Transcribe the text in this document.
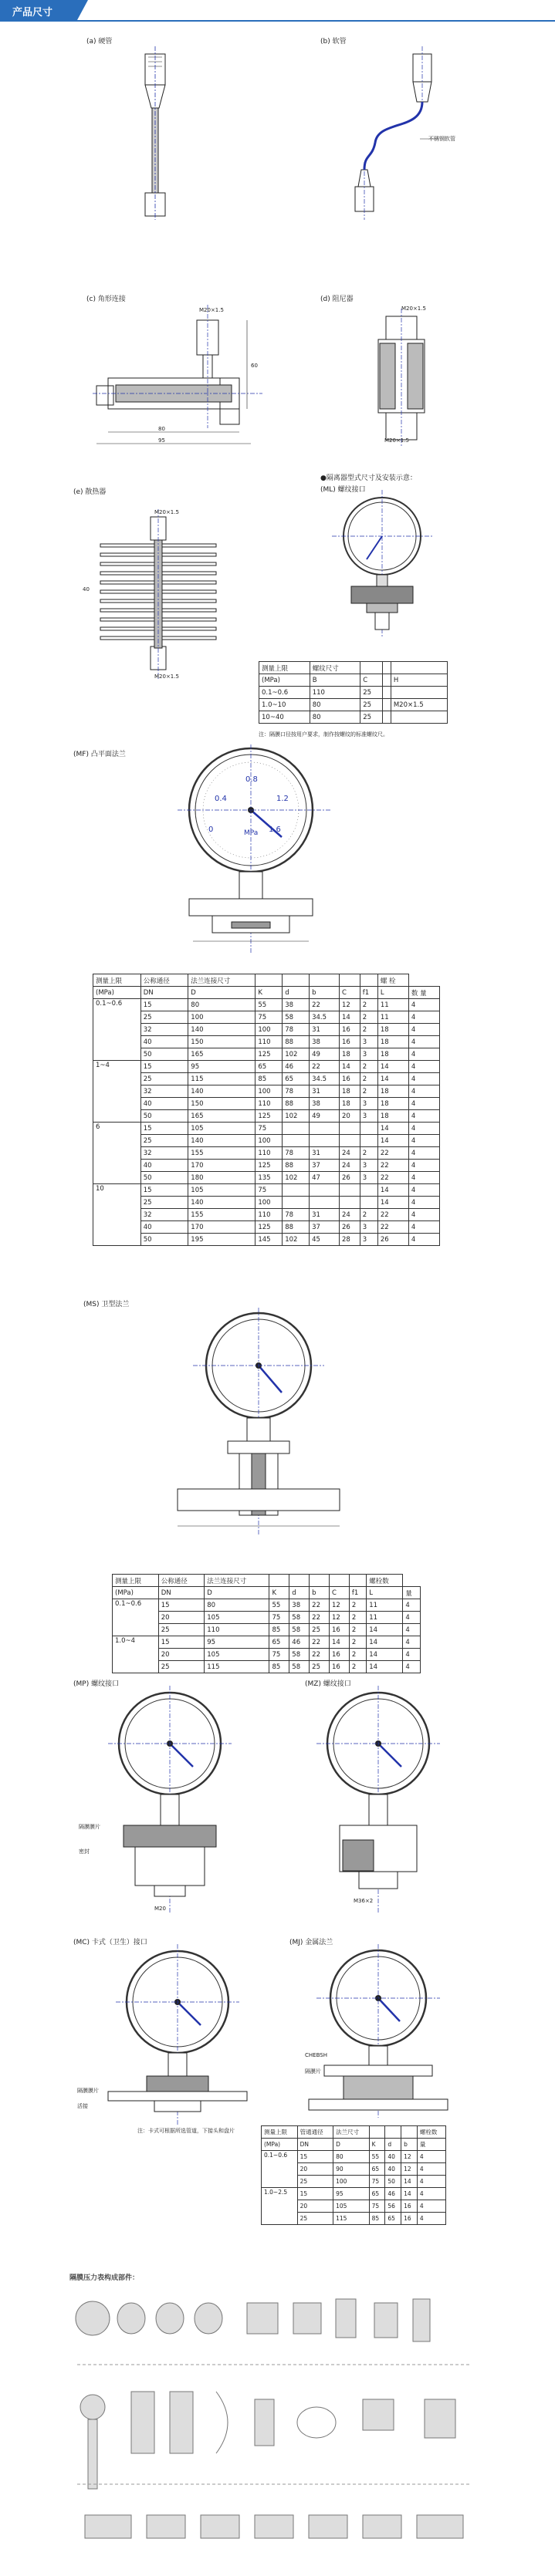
产品尺寸
(a) 硬管	(b) 软管
不锈钢软管
(c) 角形连接
M20×1.5
80
95
60
(d) 阻尼器
M20×1.5
M20×1.5
●隔离器型式尺寸及安装示意：
(e) 散热器
M20×1.5
M20×1.5
40
(ML) 螺纹接口
测量上限	螺纹尺寸			
(MPa)	B	C		H
0.1~0.6	110	25		
1.0~10	80	25		M20×1.5
10~40	80	25		
注：隔膜口径按用户要求，制作按螺纹的标准螺纹尺。
(MF) 凸平面法兰
0.4
0.8
1.2
1.6
0	MPa
测量上限	公称通径	法兰连接尺寸						螺 栓	
(MPa)	DN	D	K	d	b	C	f1	L	数 量
0.1~0.6	15	80	55	38	22	12	2	11	4
	25	100	75	58	34.5	14	2	11	4
	32	140	100	78	31	16	2	18	4
	40	150	110	88	38	16	3	18	4
	50	165	125	102	49	18	3	18	4
1~4	15	95	65	46	22	14	2	14	4
	25	115	85	65	34.5	16	2	14	4
	32	140	100	78	31	18	2	18	4
	40	150	110	88	38	18	3	18	4
	50	165	125	102	49	20	3	18	4
6	15	105	75					14	4
	25	140	100					14	4
	32	155	110	78	31	24	2	22	4
	40	170	125	88	37	24	3	22	4
	50	180	135	102	47	26	3	22	4
10	15	105	75					14	4
	25	140	100					14	4
	32	155	110	78	31	24	2	22	4
	40	170	125	88	37	26	3	22	4
	50	195	145	102	45	28	3	26	4
(MS) 卫型法兰
测量上限	公称通径	法兰连接尺寸						螺栓数	
(MPa)	DN	D	K	d	b	C	f1	L	量
0.1~0.6	15	80	55	38	22	12	2	11	4
	20	105	75	58	22	12	2	11	4
	25	110	85	58	25	16	2	14	4
1.0~4	15	95	65	46	22	14	2	14	4
	20	105	75	58	22	16	2	14	4
	25	115	85	58	25	16	2	14	4
(MP) 螺纹接口
隔膜膜片
密封
M20
(MZ) 螺纹接口
M36×2
(MC) 卡式（卫生）接口
隔膜膜片
活接
注：卡式可根据所选管道，下接头和盘片
(MJ) 金属法兰
CHEBSH
隔膜片
测量上限	管通通径	法兰尺寸				螺栓数
(MPa)	DN	D	K	d	b	量
0.1~0.6	15	80	55	40	12	4
	20	90	65	40	12	4
	25	100	75	50	14	4
1.0~2.5	15	95	65	46	14	4
	20	105	75	56	16	4
	25	115	85	65	16	4
隔膜压力表构成部件：
